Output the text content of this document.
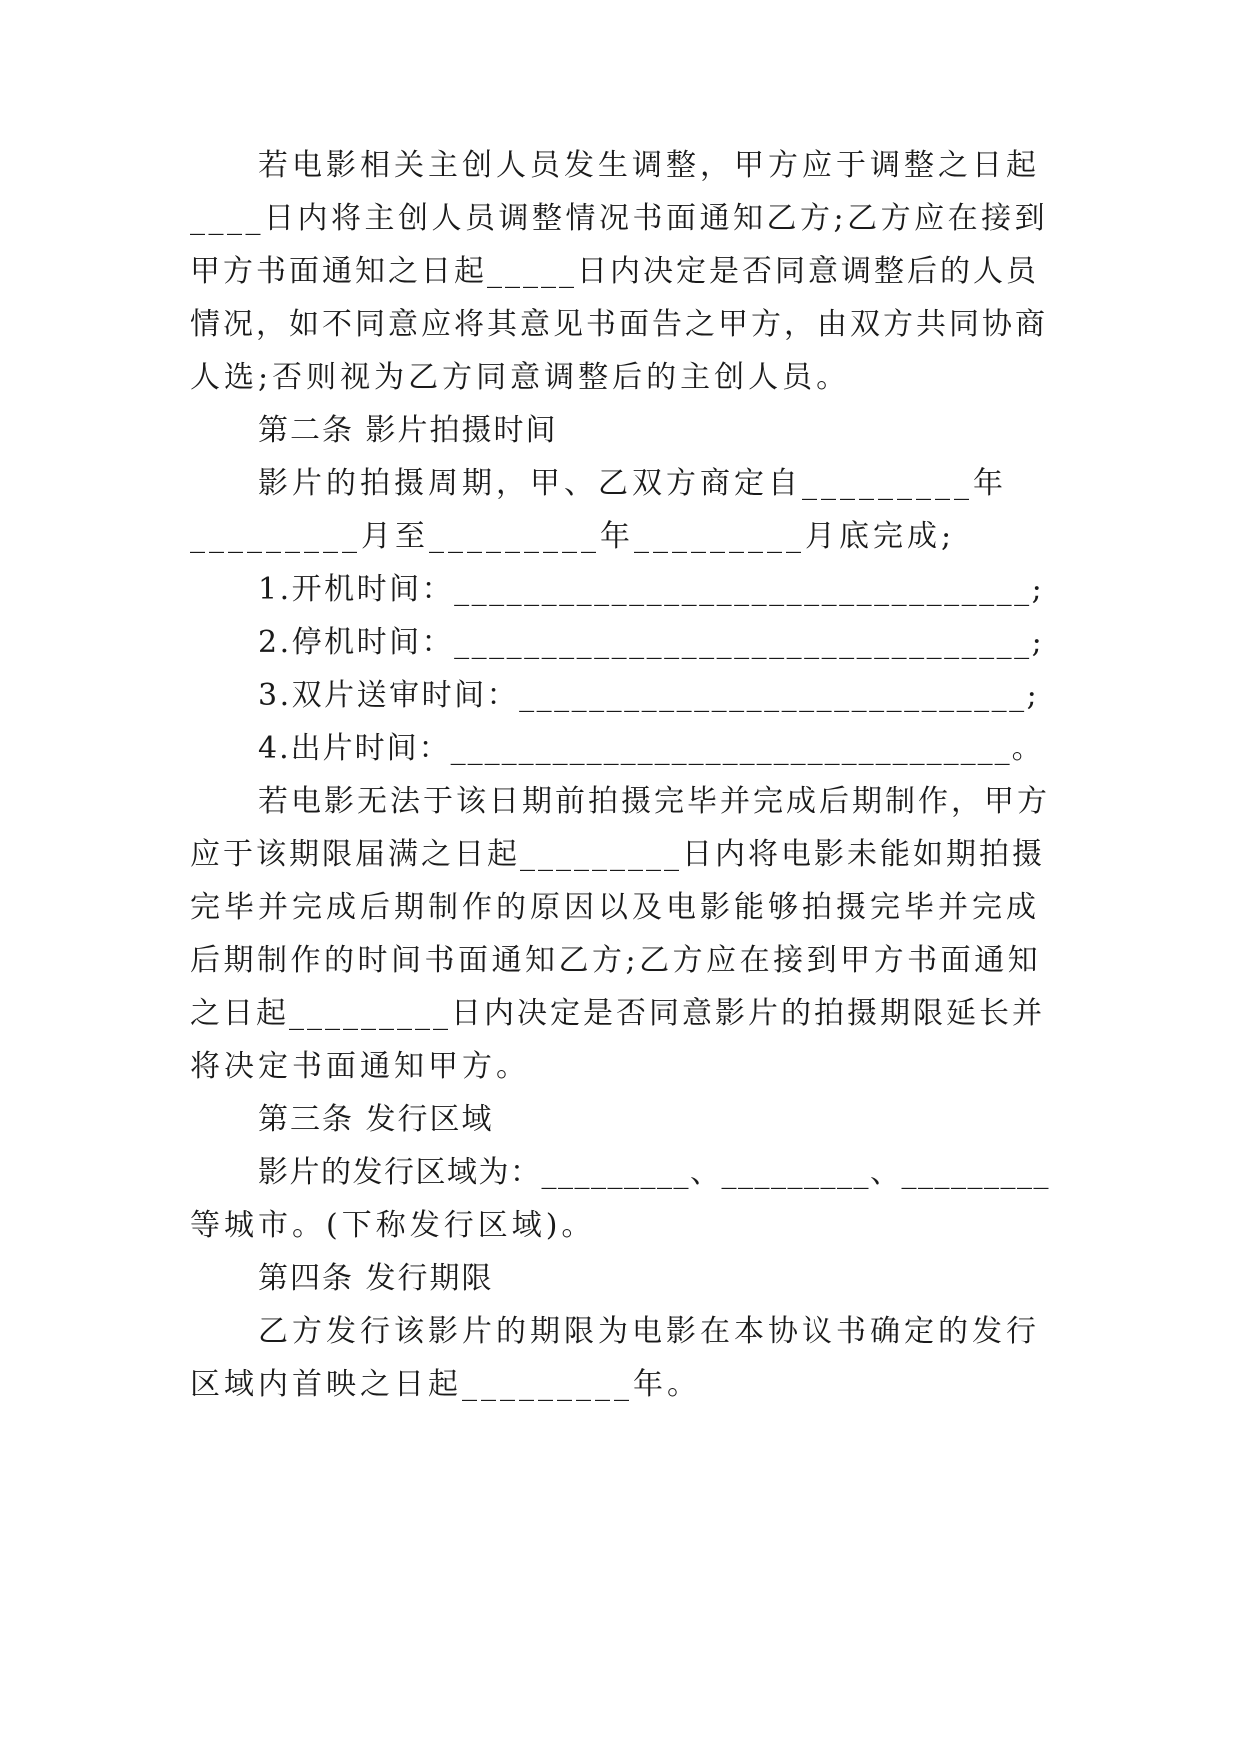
若电影相关主创人员发生调整，甲方应于调整之日起
____日内将主创人员调整情况书面通知乙方;乙方应在接到
甲方书面通知之日起_____日内决定是否同意调整后的人员
情况，如不同意应将其意见书面告之甲方，由双方共同协商
人选;否则视为乙方同意调整后的主创人员。
第二条 影片拍摄时间
影片的拍摄周期，甲、乙双方商定自_________年
_________月至_________年_________月底完成;
1.开机时间：_________________________________;
2.停机时间：_________________________________;
3.双片送审时间：_____________________________;
4.出片时间：_________________________________。
若电影无法于该日期前拍摄完毕并完成后期制作，甲方
应于该期限届满之日起_________日内将电影未能如期拍摄
完毕并完成后期制作的原因以及电影能够拍摄完毕并完成
后期制作的时间书面通知乙方;乙方应在接到甲方书面通知
之日起_________日内决定是否同意影片的拍摄期限延长并
将决定书面通知甲方。
第三条 发行区域
影片的发行区域为：_________、_________、_________
等城市。(下称发行区域)。
第四条 发行期限
乙方发行该影片的期限为电影在本协议书确定的发行
区域内首映之日起_________年。
